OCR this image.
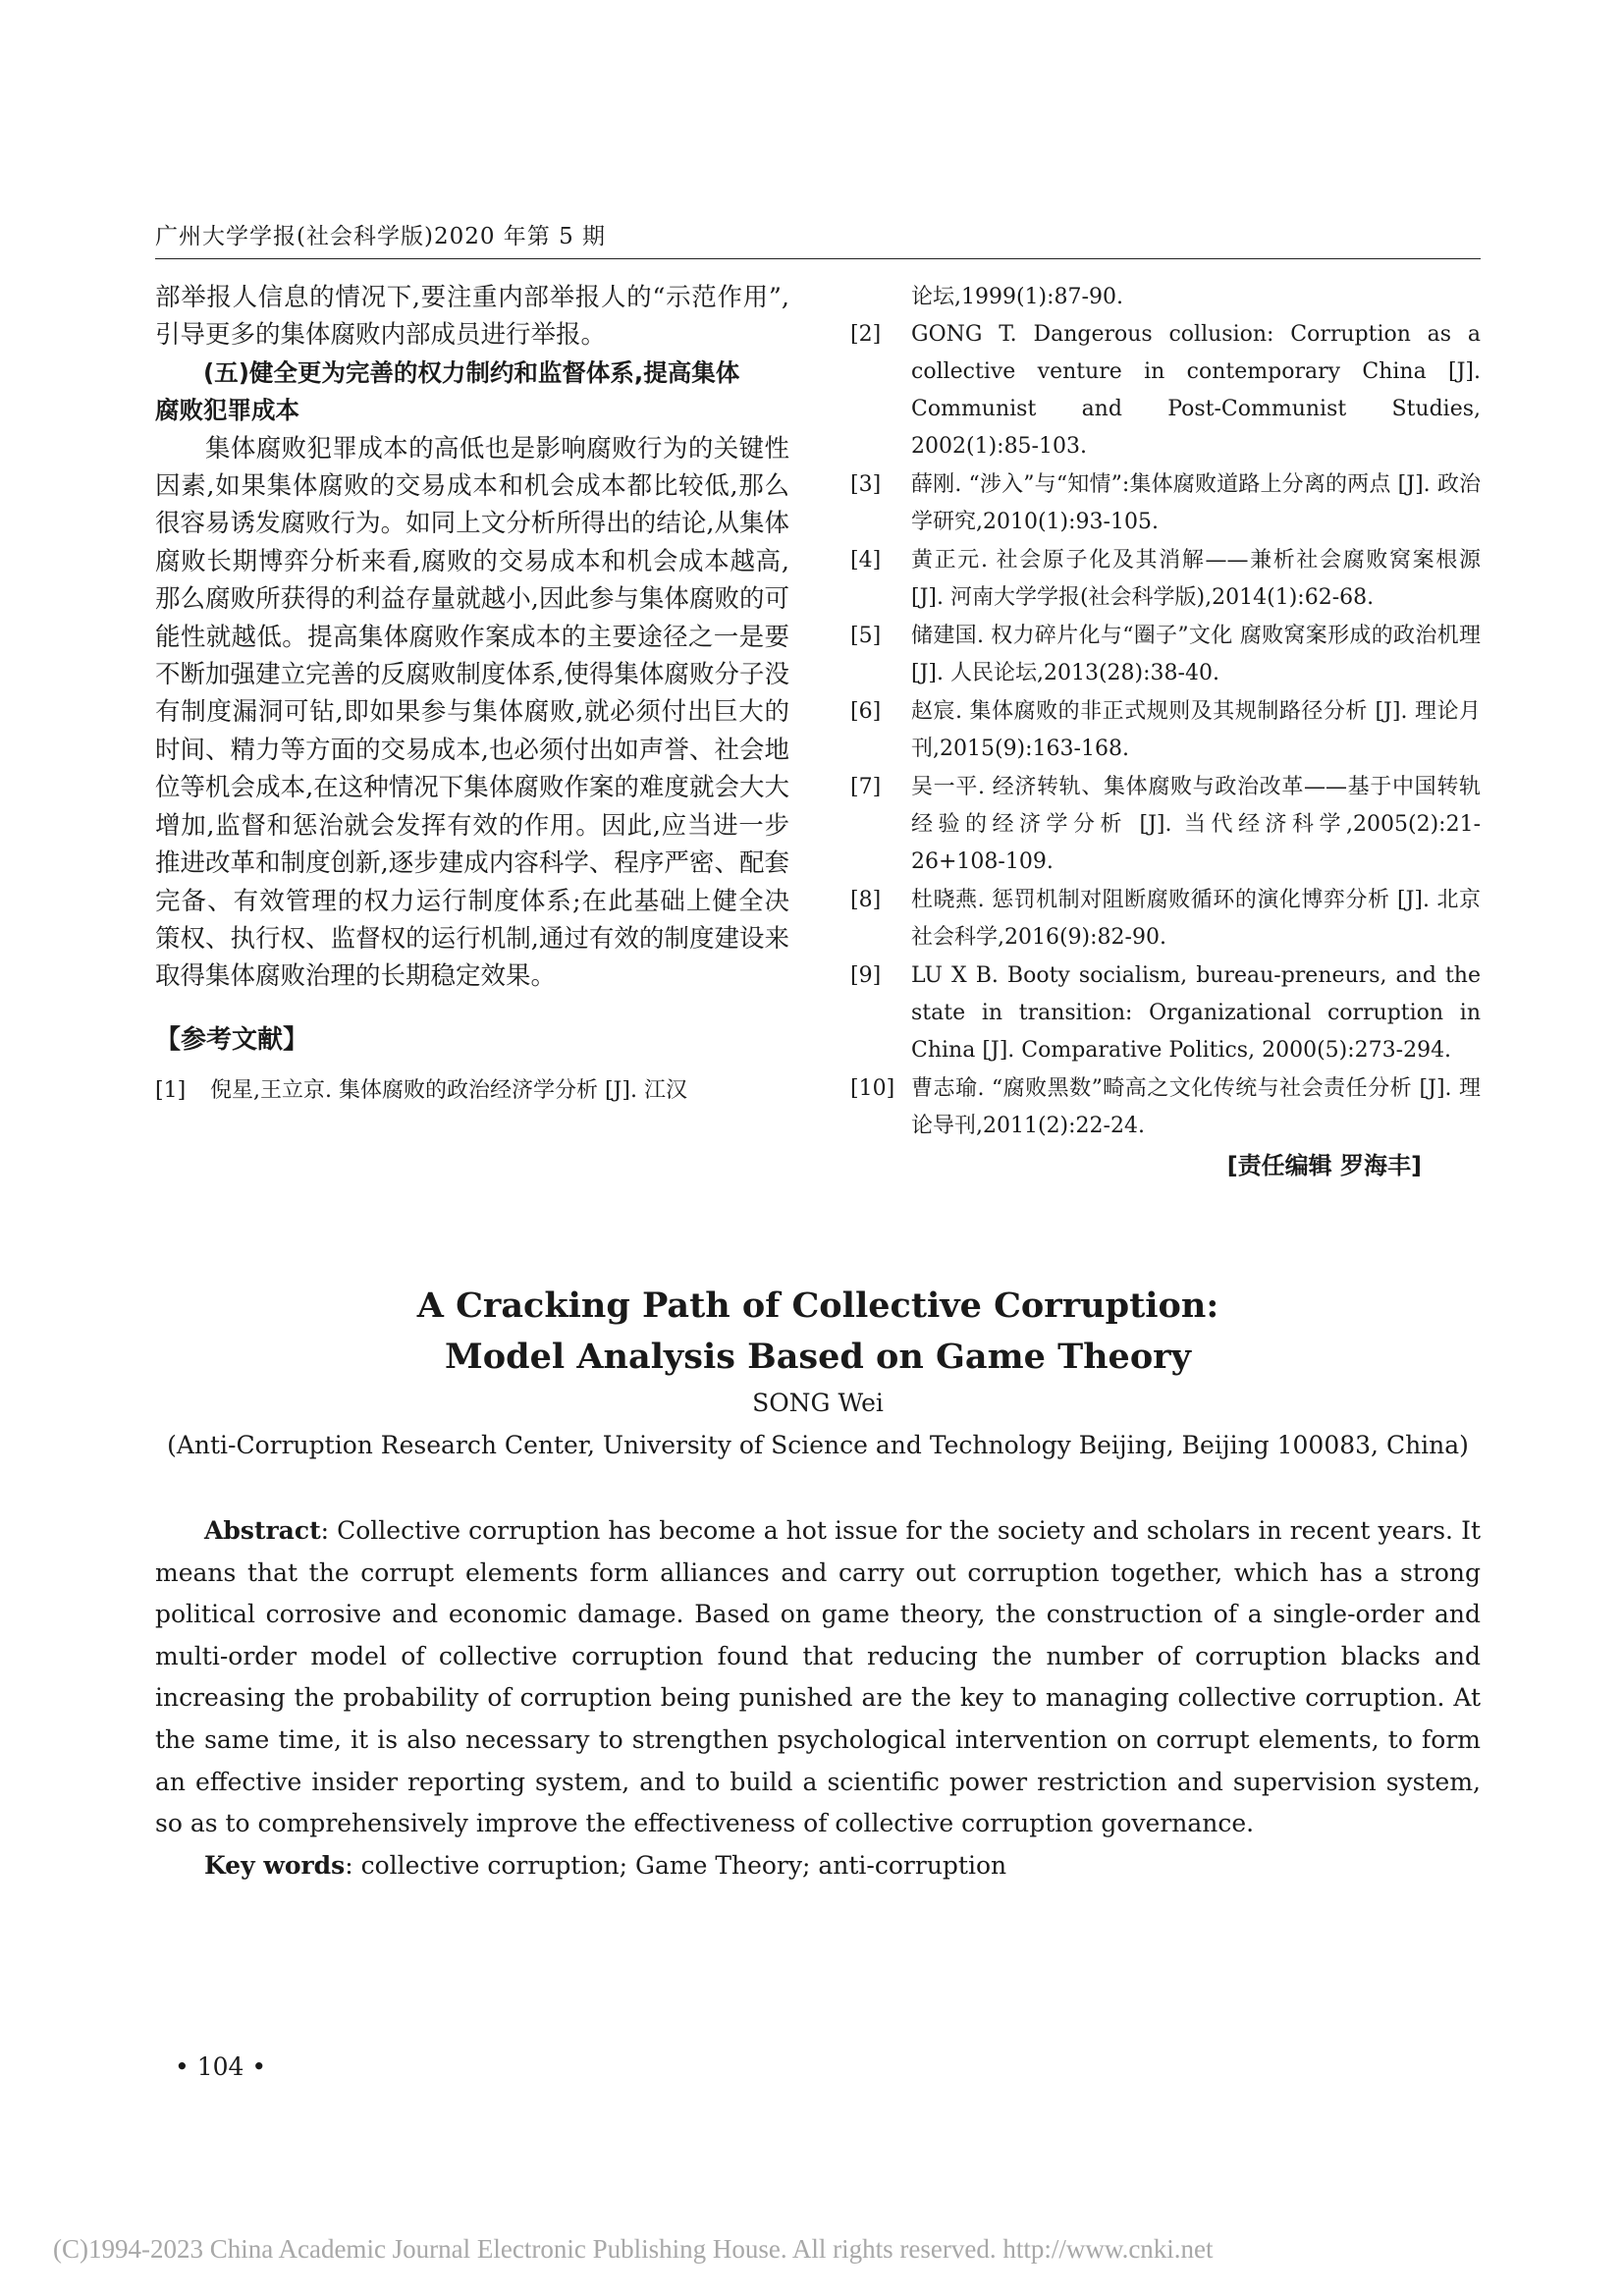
广州大学学报(社会科学版)2020 年第 5 期

部举报人信息的情况下,要注重内部举报人的“示范作用”,引导更多的集体腐败内部成员进行举报。

(五)健全更为完善的权力制约和监督体系,提高集体

腐败犯罪成本

集体腐败犯罪成本的高低也是影响腐败行为的关键性因素,如果集体腐败的交易成本和机会成本都比较低,那么很容易诱发腐败行为。如同上文分析所得出的结论,从集体腐败长期博弈分析来看,腐败的交易成本和机会成本越高,那么腐败所获得的利益存量就越小,因此参与集体腐败的可能性就越低。提高集体腐败作案成本的主要途径之一是要不断加强建立完善的反腐败制度体系,使得集体腐败分子没有制度漏洞可钻,即如果参与集体腐败,就必须付出巨大的时间、精力等方面的交易成本,也必须付出如声誉、社会地位等机会成本,在这种情况下集体腐败作案的难度就会大大增加,监督和惩治就会发挥有效的作用。因此,应当进一步推进改革和制度创新,逐步建成内容科学、程序严密、配套完备、有效管理的权力运行制度体系;在此基础上健全决策权、执行权、监督权的运行机制,通过有效的制度建设来取得集体腐败治理的长期稳定效果。

【参考文献】

[1]	倪星,王立京. 集体腐败的政治经济学分析 [J]. 江汉
论坛,1999(1):87-90.
[2]	GONG T. Dangerous collusion: Corruption as a collective venture in contemporary China [J]. Communist and Post-Communist Studies, 2002(1):85-103.
[3]	薛刚. “涉入”与“知情”:集体腐败道路上分离的两点 [J]. 政治学研究,2010(1):93-105.
[4]	黄正元. 社会原子化及其消解——兼析社会腐败窝案根源 [J]. 河南大学学报(社会科学版),2014(1):62-68.
[5]	储建国. 权力碎片化与“圈子”文化 腐败窝案形成的政治机理 [J]. 人民论坛,2013(28):38-40.
[6]	赵宸. 集体腐败的非正式规则及其规制路径分析 [J]. 理论月刊,2015(9):163-168.
[7]	吴一平. 经济转轨、集体腐败与政治改革——基于中国转轨经验的经济学分析 [J]. 当代经济科学,2005(2):21-26+108-109.
[8]	杜晓燕. 惩罚机制对阻断腐败循环的演化博弈分析 [J]. 北京社会科学,2016(9):82-90.
[9]	LU X B. Booty socialism, bureau-preneurs, and the state in transition: Organizational corruption in China [J]. Comparative Politics, 2000(5):273-294.
[10] 曹志瑜. “腐败黑数”畸高之文化传统与社会责任分析 [J]. 理论导刊,2011(2):22-24.
[责任编辑 罗海丰]
A Cracking Path of Collective Corruption:
Model Analysis Based on Game Theory
SONG Wei
(Anti-Corruption Research Center, University of Science and Technology Beijing, Beijing 100083, China)

Abstract: Collective corruption has become a hot issue for the society and scholars in recent years. It means that the corrupt elements form alliances and carry out corruption together, which has a strong political corrosive and economic damage. Based on game theory, the construction of a single-order and multi-order model of collective corruption found that reducing the number of corruption blacks and increasing the probability of corruption being punished are the key to managing collective corruption. At the same time, it is also necessary to strengthen psychological intervention on corrupt elements, to form an effective insider reporting system, and to build a scientific power restriction and supervision system, so as to comprehensively improve the effectiveness of collective corruption governance.

Key words: collective corruption; Game Theory; anti-corruption

• 104 •
(C)1994-2023 China Academic Journal Electronic Publishing House. All rights reserved. http://www.cnki.net
